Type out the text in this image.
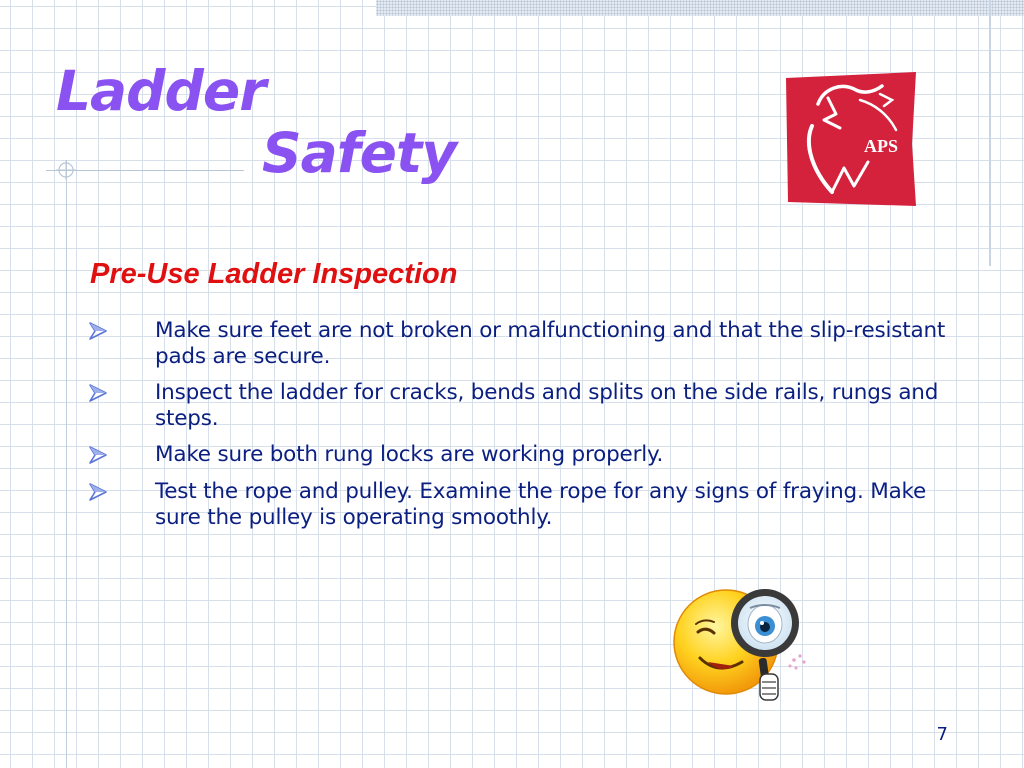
Ladder
Safety	APS
Pre-Use Ladder Inspection
Make sure feet are not broken or malfunctioning and that the slip-resistant pads are secure.
Inspect the ladder for cracks, bends and splits on the side rails, rungs and steps.
Make sure both rung locks are working properly.
Test the rope and pulley. Examine the rope for any signs of fraying. Make sure the pulley is operating smoothly.
7
